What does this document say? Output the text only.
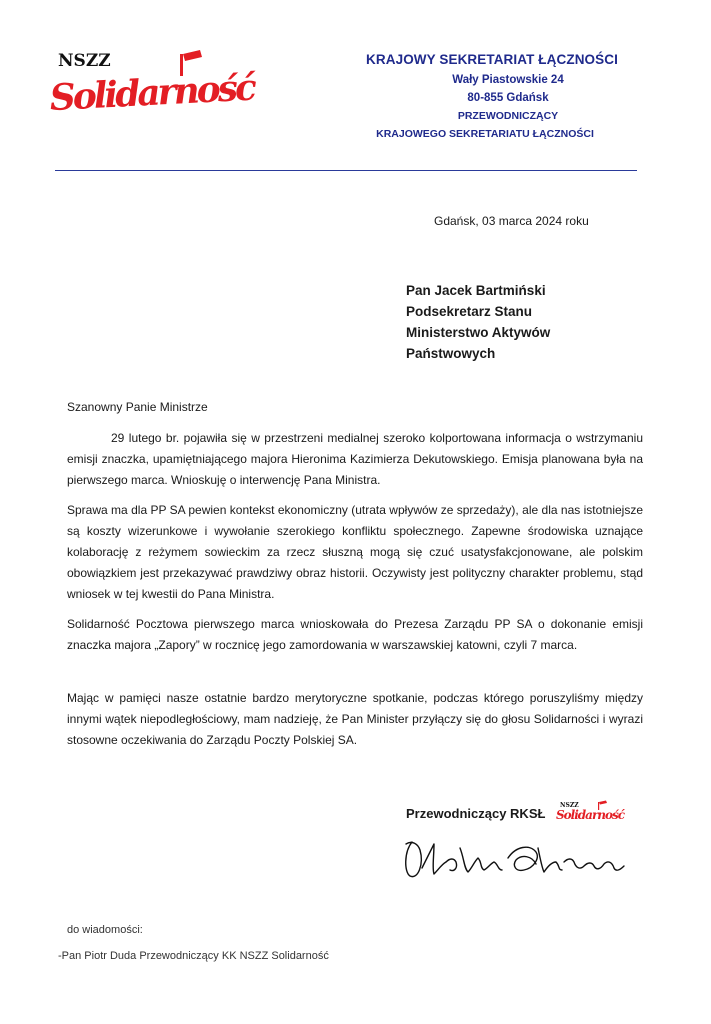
NSZZ
Solidarność
KRAJOWY SEKRETARIAT ŁĄCZNOŚCI
Wały Piastowskie 24
80-855 Gdańsk
PRZEWODNICZĄCY
KRAJOWEGO SEKRETARIATU ŁĄCZNOŚCI
Gdańsk, 03 marca 2024 roku
Pan Jacek Bartmiński
Podsekretarz Stanu
Ministerstwo Aktywów
Państwowych
Szanowny Panie Ministrze
29 lutego br. pojawiła się w przestrzeni medialnej szeroko kolportowana informacja o wstrzymaniu emisji znaczka, upamiętniającego majora Hieronima Kazimierza Dekutowskiego. Emisja planowana była na pierwszego marca. Wnioskuję o interwencję Pana Ministra.
Sprawa ma dla PP SA pewien kontekst ekonomiczny (utrata wpływów ze sprzedaży), ale dla nas istotniejsze są koszty wizerunkowe i wywołanie szerokiego konfliktu społecznego. Zapewne środowiska uznające kolaborację z reżymem sowieckim za rzecz słuszną mogą się czuć usatysfakcjonowane, ale polskim obowiązkiem jest przekazywać prawdziwy obraz historii. Oczywisty jest polityczny charakter problemu, stąd wniosek w tej kwestii do Pana Ministra.
Solidarność Pocztowa pierwszego marca wnioskowała do Prezesa Zarządu PP SA o dokonanie emisji znaczka majora „Zapory” w rocznicę jego zamordowania w warszawskiej katowni, czyli 7 marca.
Mając w pamięci nasze ostatnie bardzo merytoryczne spotkanie, podczas którego poruszyliśmy między innymi wątek niepodległościowy, mam nadzieję, że Pan Minister przyłączy się do głosu Solidarności i wyrazi stosowne oczekiwania do Zarządu Poczty Polskiej SA.
Przewodniczący RKSŁ
NSZZ
Solidarność
do wiadomości:
-Pan Piotr Duda Przewodniczący KK NSZZ Solidarność
